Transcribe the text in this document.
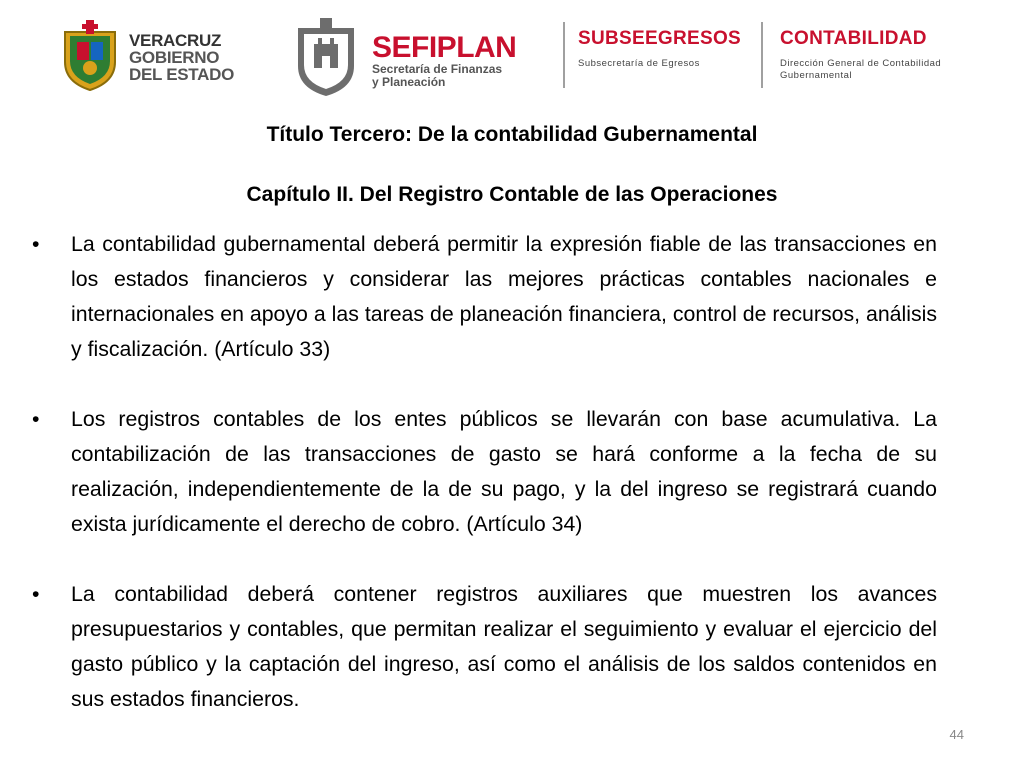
VERACRUZ
GOBIERNO
DEL ESTADO
SEFIPLAN
Secretaría de Finanzas
y Planeación
SUBSEEGRESOS
Subsecretaría de Egresos
CONTABILIDAD
Dirección General de Contabilidad
Gubernamental
Título Tercero: De la contabilidad Gubernamental
Capítulo II. Del Registro Contable de las Operaciones
• La contabilidad gubernamental deberá permitir la expresión fiable de las transacciones en los estados financieros y considerar las mejores prácticas contables nacionales e internacionales en apoyo a las tareas de planeación financiera, control de recursos, análisis y fiscalización. (Artículo 33)
• Los registros contables de los entes públicos se llevarán con base acumulativa. La contabilización de las transacciones de gasto se hará conforme a la fecha de su realización, independientemente de la de su pago, y la del ingreso se registrará cuando exista jurídicamente el derecho de cobro. (Artículo 34)
• La contabilidad deberá contener registros auxiliares que muestren los avances presupuestarios y contables, que permitan realizar el seguimiento y evaluar el ejercicio del gasto público y la captación del ingreso, así como el análisis de los saldos contenidos en sus estados financieros.
44
